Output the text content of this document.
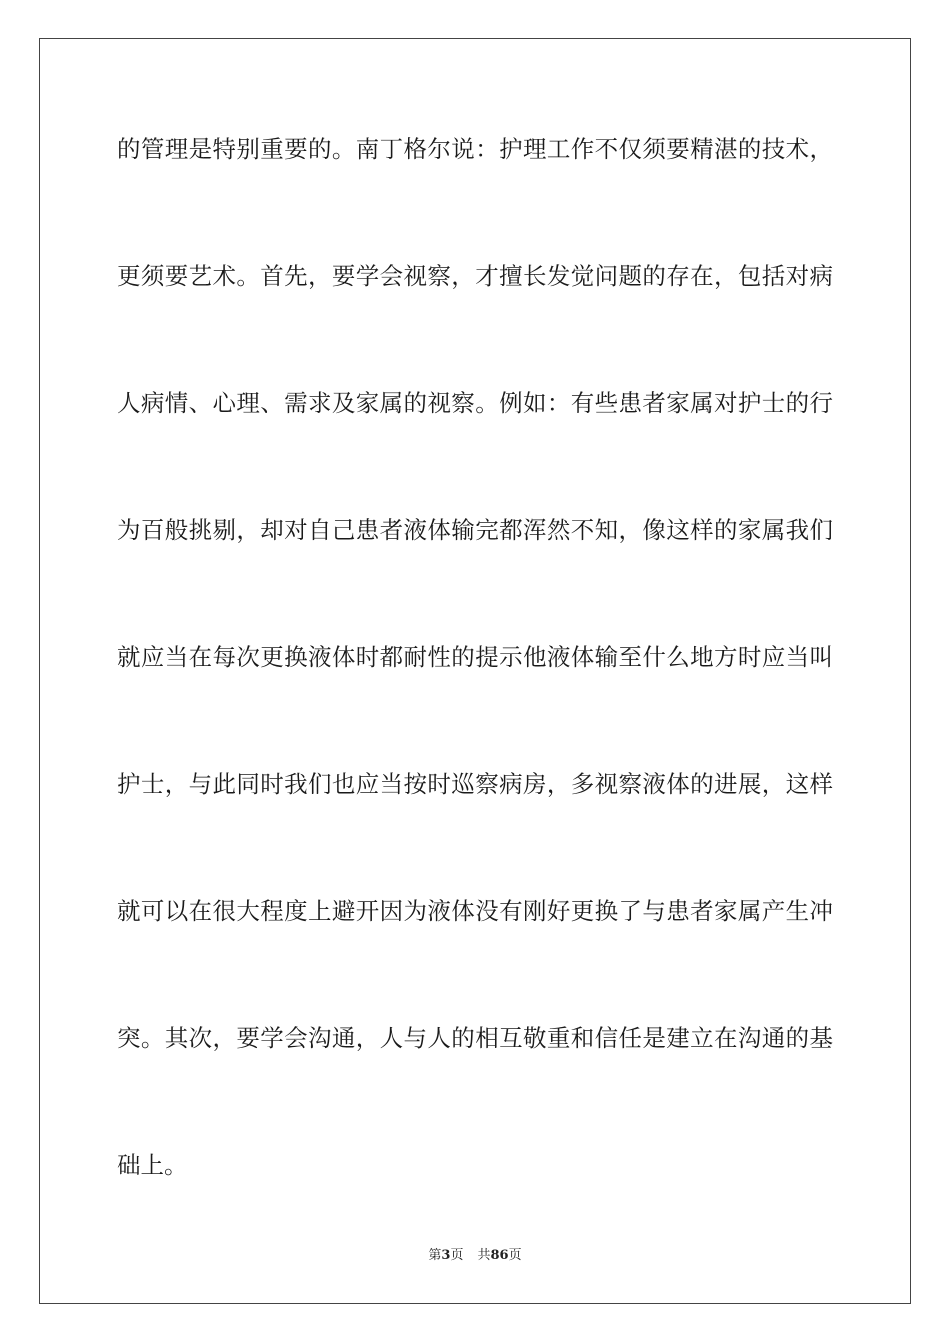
的管理是特别重要的。南丁格尔说：护理工作不仅须要精湛的技术，
更须要艺术。首先，要学会视察，才擅长发觉问题的存在，包括对病
人病情、心理、需求及家属的视察。例如：有些患者家属对护士的行
为百般挑剔，却对自己患者液体输完都浑然不知，像这样的家属我们
就应当在每次更换液体时都耐性的提示他液体输至什么地方时应当叫
护士，与此同时我们也应当按时巡察病房，多视察液体的进展，这样
就可以在很大程度上避开因为液体没有刚好更换了与患者家属产生冲
突。其次，要学会沟通，人与人的相互敬重和信任是建立在沟通的基
础上。
第3页 共86页
